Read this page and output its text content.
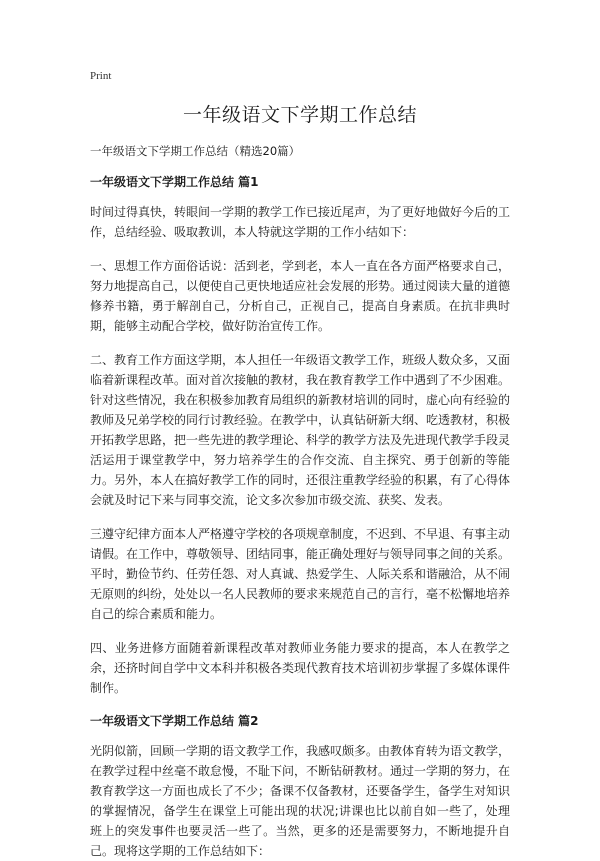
Print
一年级语文下学期工作总结
一年级语文下学期工作总结（精选20篇）
一年级语文下学期工作总结 篇1

时间过得真快，转眼间一学期的教学工作已接近尾声，为了更好地做好今后的工作，总结经验、吸取教训，本人特就这学期的工作小结如下：

一、思想工作方面俗话说：活到老，学到老，本人一直在各方面严格要求自己，努力地提高自己，以便使自己更快地适应社会发展的形势。通过阅读大量的道德修养书籍，勇于解剖自己，分析自己，正视自己，提高自身素质。在抗非典时期，能够主动配合学校，做好防治宣传工作。

二、教育工作方面这学期，本人担任一年级语文教学工作，班级人数众多，又面临着新课程改革。面对首次接触的教材，我在教育教学工作中遇到了不少困难。针对这些情况，我在积极参加教育局组织的新教材培训的同时，虚心向有经验的教师及兄弟学校的同行讨教经验。在教学中，认真钻研新大纲、吃透教材，积极开拓教学思路，把一些先进的教学理论、科学的教学方法及先进现代教学手段灵活运用于课堂教学中，努力培养学生的合作交流、自主探究、勇于创新的等能力。另外，本人在搞好教学工作的同时，还很注重教学经验的积累，有了心得体会就及时记下来与同事交流，论文多次参加市级交流、获奖、发表。

三遵守纪律方面本人严格遵守学校的各项规章制度，不迟到、不早退、有事主动请假。在工作中，尊敬领导、团结同事，能正确处理好与领导同事之间的关系。平时，勤俭节约、任劳任怨、对人真诚、热爱学生、人际关系和谐融洽，从不闹无原则的纠纷，处处以一名人民教师的要求来规范自己的言行，毫不松懈地培养自己的综合素质和能力。

四、业务进修方面随着新课程改革对教师业务能力要求的提高，本人在教学之余，还挤时间自学中文本科并积极各类现代教育技术培训初步掌握了多媒体课件制作。

一年级语文下学期工作总结 篇2

光阴似箭，回顾一学期的语文教学工作，我感叹颇多。由教体育转为语文教学，在教学过程中丝毫不敢怠慢，不耻下问，不断钻研教材。通过一学期的努力，在教育教学这一方面也成长了不少；备课不仅备教材，还要备学生，备学生对知识的掌握情况，备学生在课堂上可能出现的状况;讲课也比以前自如一些了，处理班上的突发事件也要灵活一些了。当然，更多的还是需要努力，不断地提升自己。现将这学期的工作总结如下：
